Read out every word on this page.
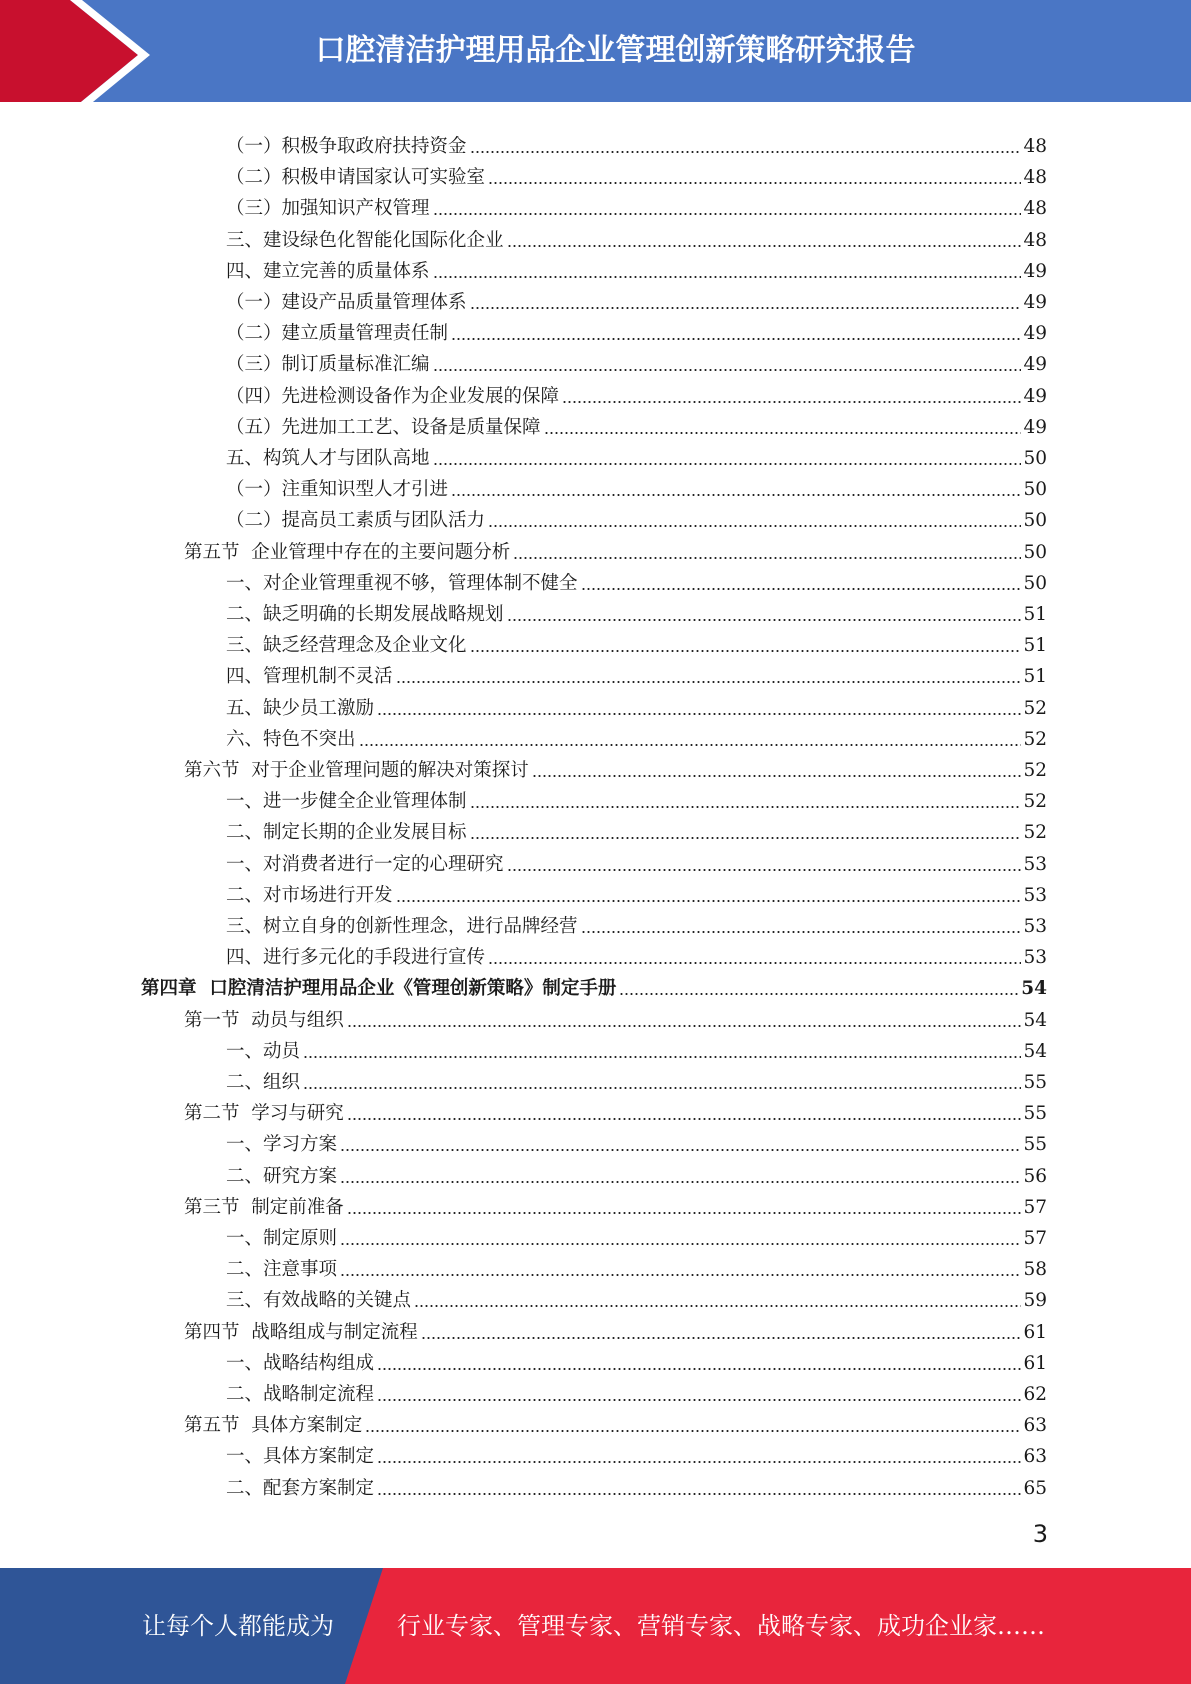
口腔清洁护理用品企业管理创新策略研究报告
（一）积极争取政府扶持资金	48
（二）积极申请国家认可实验室	48
（三）加强知识产权管理	48
三、建设绿色化智能化国际化企业	48
四、建立完善的质量体系	49
（一）建设产品质量管理体系	49
（二）建立质量管理责任制	49
（三）制订质量标准汇编	49
（四）先进检测设备作为企业发展的保障	49
（五）先进加工工艺、设备是质量保障	49
五、构筑人才与团队高地	50
（一）注重知识型人才引进	50
（二）提高员工素质与团队活力	50
第五节  企业管理中存在的主要问题分析	50
一、对企业管理重视不够，管理体制不健全	50
二、缺乏明确的长期发展战略规划	51
三、缺乏经营理念及企业文化	51
四、管理机制不灵活	51
五、缺少员工激励	52
六、特色不突出	52
第六节  对于企业管理问题的解决对策探讨	52
一、进一步健全企业管理体制	52
二、制定长期的企业发展目标	52
一、对消费者进行一定的心理研究	53
二、对市场进行开发	53
三、树立自身的创新性理念，进行品牌经营	53
四、进行多元化的手段进行宣传	53
第四章  口腔清洁护理用品企业《管理创新策略》制定手册	54
第一节  动员与组织	54
一、动员	54
二、组织	55
第二节  学习与研究	55
一、学习方案	55
二、研究方案	56
第三节  制定前准备	57
一、制定原则	57
二、注意事项	58
三、有效战略的关键点	59
第四节  战略组成与制定流程	61
一、战略结构组成	61
二、战略制定流程	62
第五节  具体方案制定	63
一、具体方案制定	63
二、配套方案制定	65
3
让每个人都能成为	行业专家、管理专家、营销专家、战略专家、成功企业家……
